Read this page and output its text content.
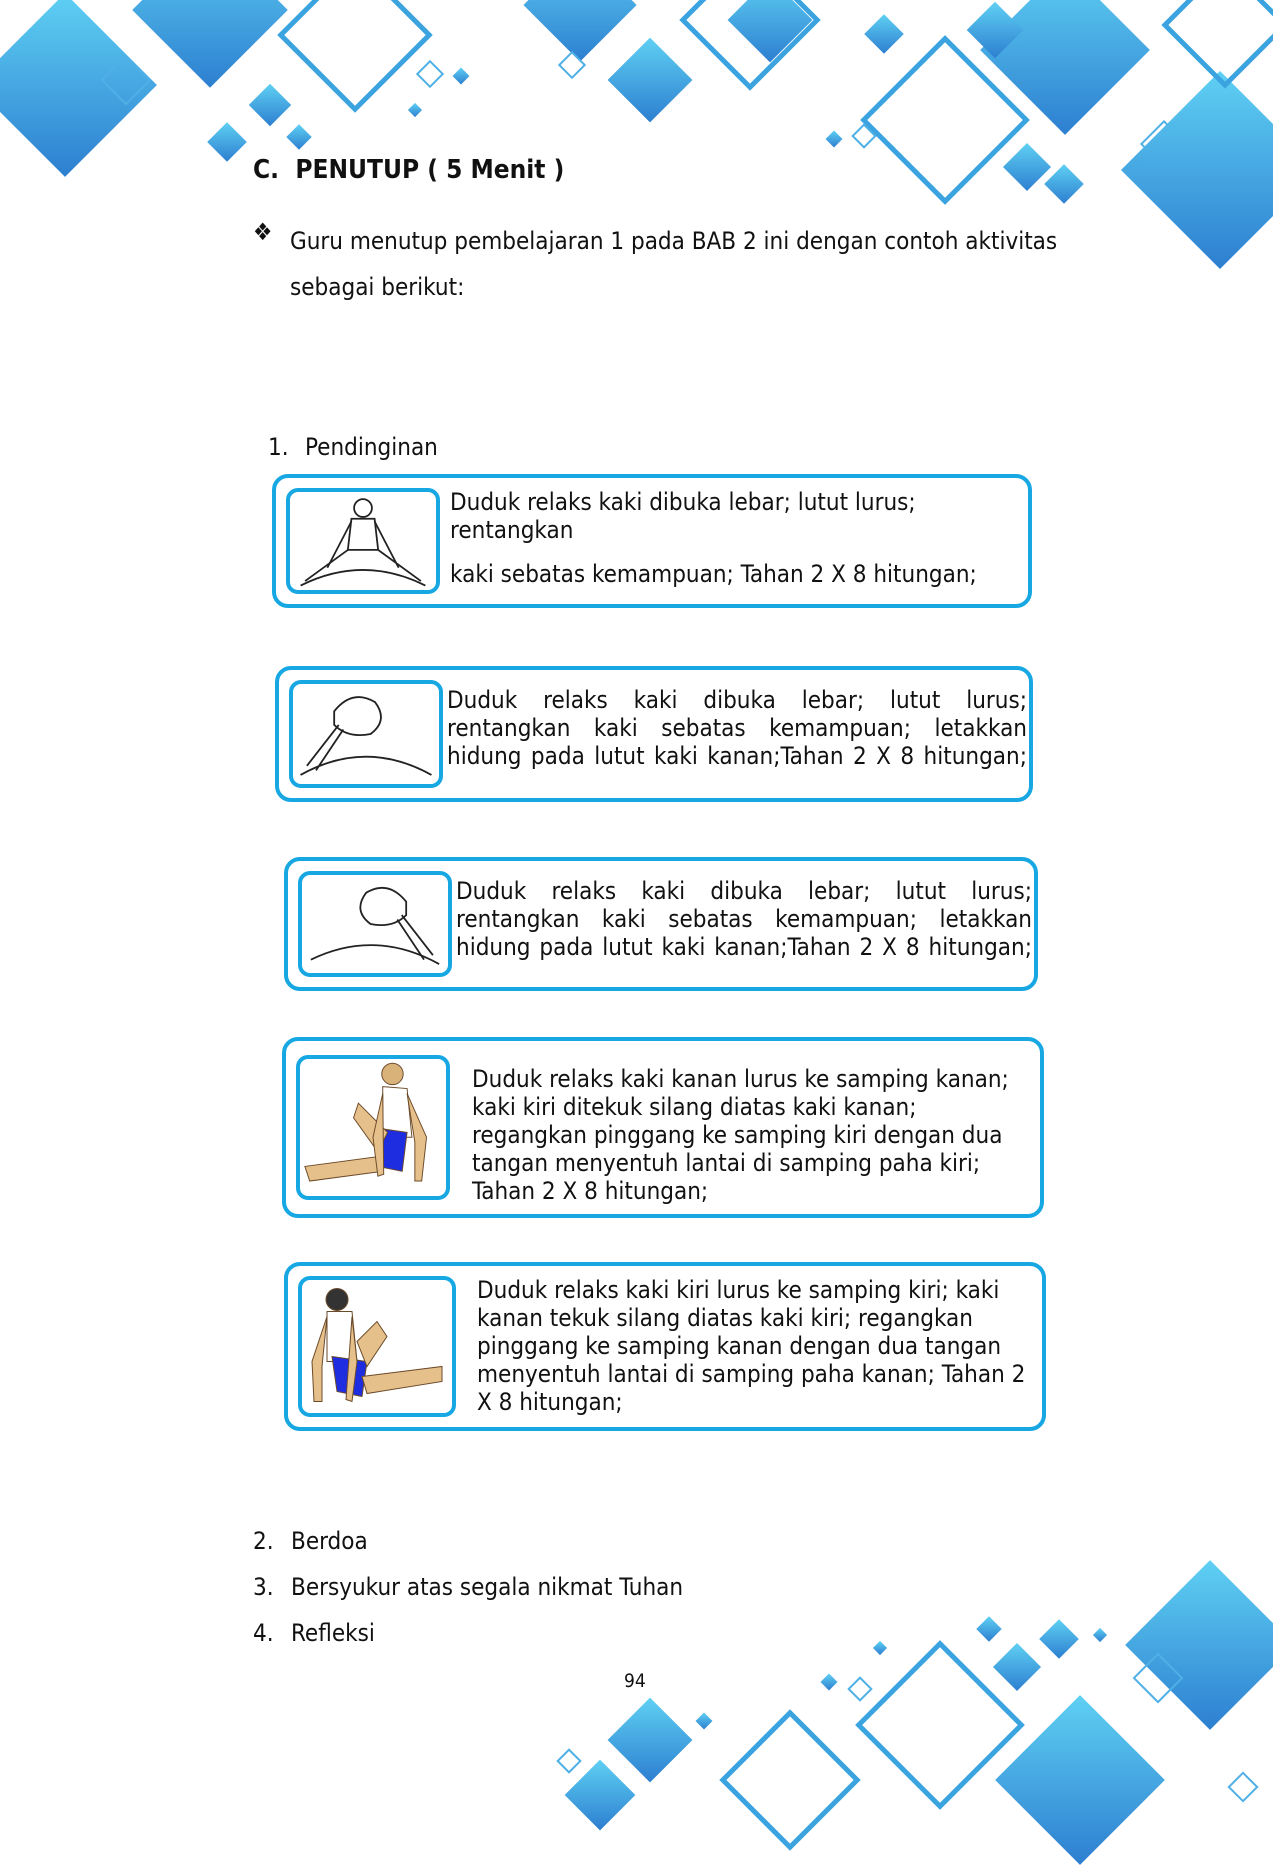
C.  PENUTUP ( 5 Menit )
❖ Guru menutup pembelajaran 1 pada BAB 2 ini dengan contoh aktivitas sebagai berikut:
1. Pendinginan
Duduk relaks kaki dibuka lebar; lutut lurus; rentangkan
kaki sebatas kemampuan; Tahan 2 X 8 hitungan;
Duduk relaks kaki dibuka lebar; lutut lurus; rentangkan kaki sebatas kemampuan; letakkan hidung pada lutut kaki kanan;Tahan 2 X 8 hitungan;
Duduk relaks kaki dibuka lebar; lutut lurus; rentangkan kaki sebatas kemampuan; letakkan hidung pada lutut kaki kanan;Tahan 2 X 8 hitungan;
Duduk relaks kaki kanan lurus ke samping kanan; kaki kiri ditekuk silang diatas kaki kanan; regangkan pinggang ke samping kiri dengan dua tangan menyentuh lantai di samping paha kiri; Tahan 2 X 8 hitungan;
Duduk relaks kaki kiri lurus ke samping kiri; kaki kanan tekuk silang diatas kaki kiri; regangkan pinggang ke samping kanan dengan dua tangan menyentuh lantai di samping paha kanan; Tahan 2 X 8 hitungan;
2. Berdoa
3. Bersyukur atas segala nikmat Tuhan
4. Refleksi
94
